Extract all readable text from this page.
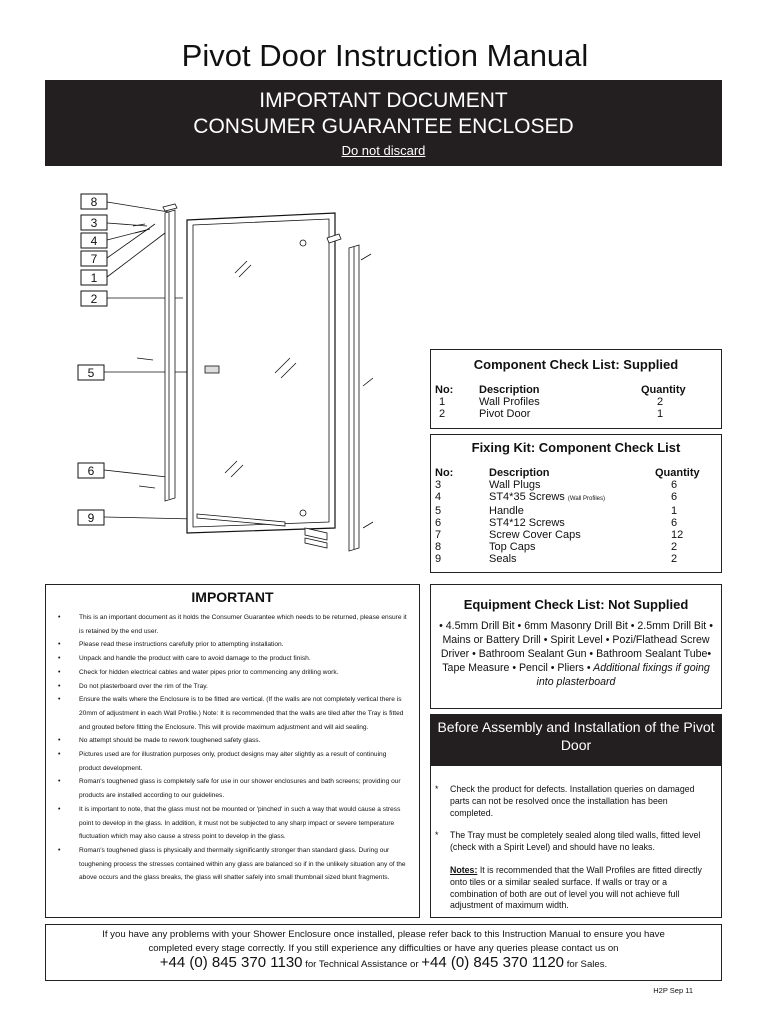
Pivot Door Instruction Manual
IMPORTANT DOCUMENT
CONSUMER GUARANTEE ENCLOSED
Do not discard
8
3
4
7
1
2
5
6
9
Component Check List: Supplied
No:	Description	Quantity
1	Wall Profiles	2
2	Pivot Door	1
Fixing Kit: Component Check List
No:	Description	Quantity
3	Wall Plugs	6
4	ST4*35 Screws (Wall Profiles)	6
5	Handle	1
6	ST4*12 Screws	6
7	Screw Cover Caps	12
8	Top Caps	2
9	Seals	2
IMPORTANT
• This is an important document as it holds the Consumer Guarantee which needs to be returned, please ensure it is retained by the end user.
• Please read these instructions carefully prior to attempting installation.
• Unpack and handle the product with care to avoid damage to the product finish.
• Check for hidden electrical cables and water pipes prior to commencing any drilling work.
• Do not plasterboard over the rim of the Tray.
• Ensure the walls where the Enclosure is to be fitted are vertical. (If the walls are not completely vertical there is 20mm of adjustment in each Wall Profile.) Note: It is recommended that the walls are tiled after the Tray is fitted and grouted before fitting the Enclosure. This will provide maximum adjustment and will aid sealing.
• No attempt should be made to rework toughened safety glass.
• Pictures used are for illustration purposes only, product designs may alter slightly as a result of continuing product development.
• Roman's toughened glass is completely safe for use in our shower enclosures and bath screens; providing our products are installed according to our guidelines.
• It is important to note, that the glass must not be mounted or 'pinched' in such a way that would cause a stress point to develop in the glass. In addition, it must not be subjected to any sharp impact or severe temperature fluctuation which may also cause a stress point to develop in the glass.
• Roman's toughened glass is physically and thermally significantly stronger than standard glass. During our toughening process the stresses contained within any glass are balanced so if in the unlikely situation any of the above occurs and the glass breaks, the glass will shatter safely into small thumbnail sized blunt fragments.
Equipment Check List: Not Supplied
• 4.5mm Drill Bit • 6mm Masonry Drill Bit • 2.5mm Drill Bit • Mains or Battery Drill • Spirit Level • Pozi/Flathead Screw Driver • Bathroom Sealant Gun • Bathroom Sealant Tube• Tape Measure • Pencil • Pliers • Additional fixings if going into plasterboard
Before Assembly and Installation of the Pivot Door
* Check the product for defects. Installation queries on damaged parts can not be resolved once the installation has been completed.
* The Tray must be completely sealed along tiled walls, fitted level (check with a Spirit Level) and should have no leaks.
Notes: It is recommended that the Wall Profiles are fitted directly onto tiles or a similar sealed surface. If walls or tray or a combination of both are out of level you will not achieve full adjustment of maximum width.
If you have any problems with your Shower Enclosure once installed, please refer back to this Instruction Manual to ensure you have
completed every stage correctly. If you still experience any difficulties or have any queries please contact us on
+44 (0) 845 370 1130 for Technical Assistance or +44 (0) 845 370 1120 for Sales.
H2P Sep 11
